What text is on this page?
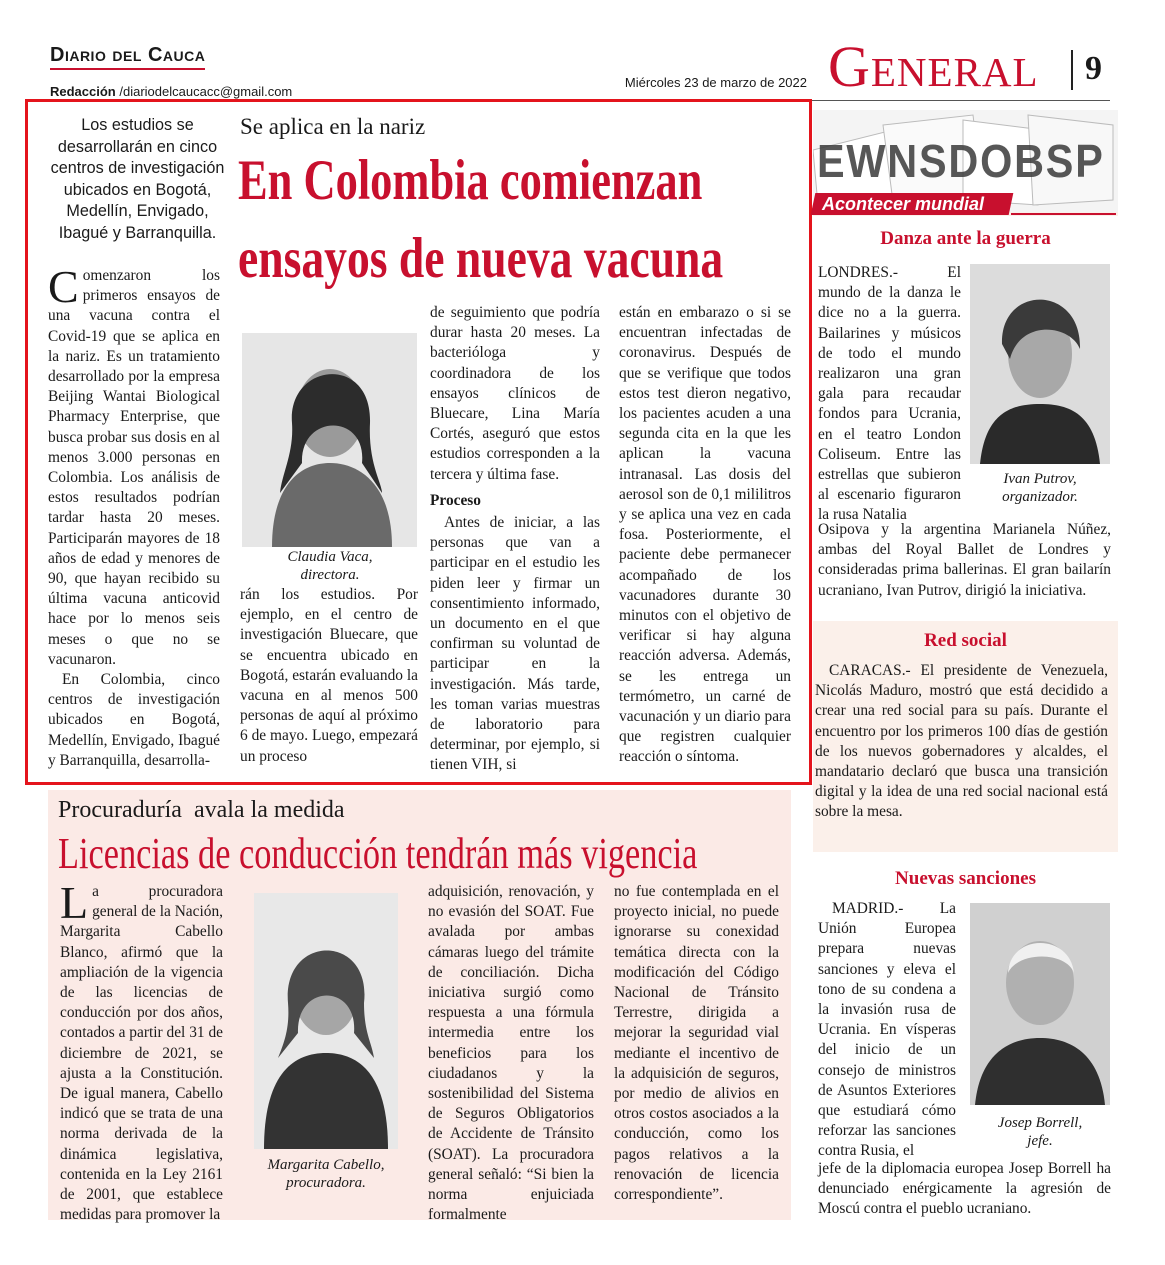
Diario del Cauca
Redacción /diariodelcaucacc@gmail.com
Miércoles 23 de marzo de 2022 General 9
Los estudios se desarrollarán en cinco centros de investigación ubicados en Bogotá, Medellín, Envigado, Ibagué y Barranquilla.
Se aplica en la nariz
En Colombia comienzan
ensayos de nueva vacuna

Comenzaron los primeros ensayos de una vacuna contra el Covid-19 que se aplica en la nariz. Es un tratamiento desarrollado por la empresa Beijing Wantai Biological Pharmacy Enterprise, que busca probar sus dosis en al menos 3.000 personas en Colombia. Los análisis de estos resultados podrían tardar hasta 20 meses. Participarán mayores de 18 años de edad y menores de 90, que hayan recibido su última vacuna anticovid hace por lo menos seis meses o que no se vacunaron.

En Colombia, cinco centros de investigación ubicados en Bogotá, Medellín, Envigado, Ibagué y Barranquilla, desarrolla-

Claudia Vaca,
directora.

rán los estudios. Por ejemplo, en el centro de investigación Bluecare, que se encuentra ubicado en Bogotá, estarán evaluando la vacuna en al menos 500 personas de aquí al próximo 6 de mayo. Luego, empezará un proceso

de seguimiento que podría durar hasta 20 meses. La bacterióloga y coordinadora de los ensayos clínicos de Bluecare, Lina María Cortés, aseguró que estos estudios corresponden a la tercera y última fase.

Proceso

Antes de iniciar, a las personas que van a participar en el estudio les piden leer y firmar un consentimiento informado, un documento en el que confirman su voluntad de participar en la investigación. Más tarde, les toman varias muestras de laboratorio para determinar, por ejemplo, si tienen VIH, si

están en embarazo o si se encuentran infectadas de coronavirus. Después de que se verifique que todos estos test dieron negativo, los pacientes acuden a una segunda cita en la que les aplican la vacuna intranasal. Las dosis del aerosol son de 0,1 mililitros y se aplica una vez en cada fosa. Posteriormente, el paciente debe permanecer acompañado de los vacunadores durante 30 minutos con el objetivo de verificar si hay alguna reacción adversa. Además, se les entrega un termómetro, un carné de vacunación y un diario para que registren cualquier reacción o síntoma.

Procuraduría  avala la medida
Licencias de conducción tendrán más vigencia

La procuradora general de la Nación, Margarita Cabello Blanco, afirmó que la ampliación de la vigencia de las licencias de conducción por dos años, contados a partir del 31 de diciembre de 2021, se ajusta a la Constitución. De igual manera, Cabello indicó que se trata de una norma derivada de la dinámica legislativa, contenida en la Ley 2161 de 2001, que establece medidas para promover la

Margarita Cabello,
procuradora.

adquisición, renovación, y no evasión del SOAT. Fue avalada por ambas cámaras luego del trámite de conciliación. Dicha iniciativa surgió como respuesta a una fórmula intermedia entre los beneficios para los ciudadanos y la sostenibilidad del Sistema de Seguros Obligatorios de Accidente de Tránsito (SOAT). La procuradora general señaló: “Si bien la norma enjuiciada formalmente

no fue contemplada en el proyecto inicial, no puede ignorarse su conexidad temática directa con la modificación del Código Nacional de Tránsito Terrestre, dirigida a mejorar la seguridad vial mediante el incentivo de la adquisición de seguros, por medio de alivios en otros costos asociados a la conducción, como los pagos relativos a la renovación de licencia correspondiente”.

EWNSDOBSP
Acontecer mundial
Danza ante la guerra

LONDRES.- El mundo de la danza le dice no a la guerra. Bailarines y músicos de todo el mundo realizaron una gran gala para recaudar fondos para Ucrania, en el teatro London Coliseum. Entre las estrellas que subieron al escenario figuraron la rusa Natalia

Ivan Putrov,
organizador.

Osipova y la argentina Marianela Núñez, ambas del Royal Ballet de Londres y consideradas prima ballerinas. El gran bailarín ucraniano, Ivan Putrov, dirigió la iniciativa.

Red social

CARACAS.- El presidente de Venezuela, Nicolás Maduro, mostró que está decidido a crear una red social para su país. Durante el encuentro por los primeros 100 días de gestión de los nuevos gobernadores y alcaldes, el mandatario declaró que busca una transición digital y la idea de una red social nacional está sobre la mesa.

Nuevas sanciones

MADRID.- La Unión Europea prepara nuevas sanciones y eleva el tono de su condena a la invasión rusa de Ucrania. En vísperas del inicio de un consejo de ministros de Asuntos Exteriores que estudiará cómo reforzar las sanciones contra Rusia, el

Josep Borrell,
jefe.

jefe de la diplomacia europea Josep Borrell ha denunciado enérgicamente la agresión de Moscú contra el pueblo ucraniano.
